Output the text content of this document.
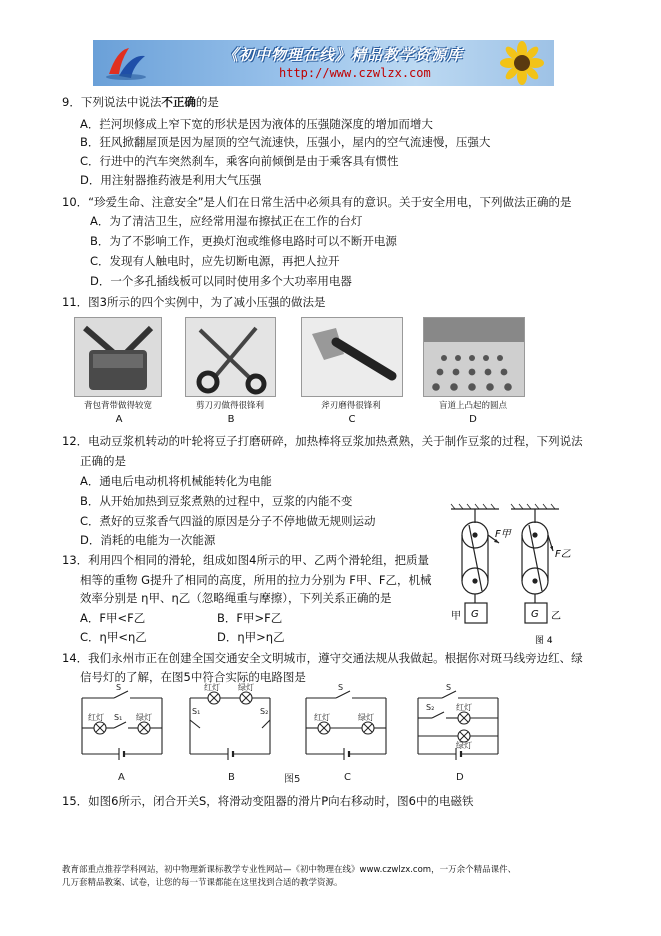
《初中物理在线》精品教学资源库
http://www.czwlzx.com
9．下列说法中说法不正确的是
A．拦河坝修成上窄下宽的形状是因为液体的压强随深度的增加而增大
B．狂风掀翻屋顶是因为屋顶的空气流速快，压强小，屋内的空气流速慢，压强大
C．行进中的汽车突然刹车，乘客向前倾倒是由于乘客具有惯性
D．用注射器推药液是利用大气压强
10．“珍爱生命、注意安全”是人们在日常生活中必须具有的意识。关于安全用电，下列做法正确的是
A．为了清洁卫生，应经常用湿布擦拭正在工作的台灯
B．为了不影响工作，更换灯泡或维修电路时可以不断开电源
C．发现有人触电时，应先切断电源，再把人拉开
D．一个多孔插线板可以同时使用多个大功率用电器
11．图3所示的四个实例中，为了减小压强的做法是
背包背带做得较宽	剪刀刃做得很锋利	斧刃磨得很锋利	盲道上凸起的圆点
A	B	C	D
12．电动豆浆机转动的叶轮将豆子打磨研碎，加热棒将豆浆加热煮熟，关于制作豆浆的过程，下列说法
正确的是
A．通电后电动机将机械能转化为电能
B．从开始加热到豆浆煮熟的过程中，豆浆的内能不变
C．煮好的豆浆香气四溢的原因是分子不停地做无规则运动
D．消耗的电能为一次能源
13．利用四个相同的滑轮，组成如图4所示的甲、乙两个滑轮组，把质量
相等的重物 G提升了相同的高度，所用的拉力分别为 F甲、F乙，机械
效率分别是 η甲、η乙（忽略绳重与摩擦），下列关系正确的是
A．F甲<F乙	B．F甲>F乙
C．η甲<η乙	D．η甲>η乙
F甲
F乙
G	G
甲	乙
图 4
14．我们永州市正在创建全国交通安全文明城市，遵守交通法规从我做起。根据你对斑马线旁边红、绿
信号灯的了解，在图5中符合实际的电路图是
S
红灯 S₁ 绿灯
红灯 绿灯
S₁	S₂
S
红灯	绿灯
S
S₂	红灯
绿灯
A	B	C	D
图5
15．如图6所示，闭合开关S，将滑动变阻器的滑片P向右移动时，图6中的电磁铁
教育部重点推荐学科网站，初中物理新课标教学专业性网站—《初中物理在线》www.czwlzx.com，一万余个精品课件、
几万套精品教案、试卷，让您的每一节课都能在这里找到合适的教学资源。
